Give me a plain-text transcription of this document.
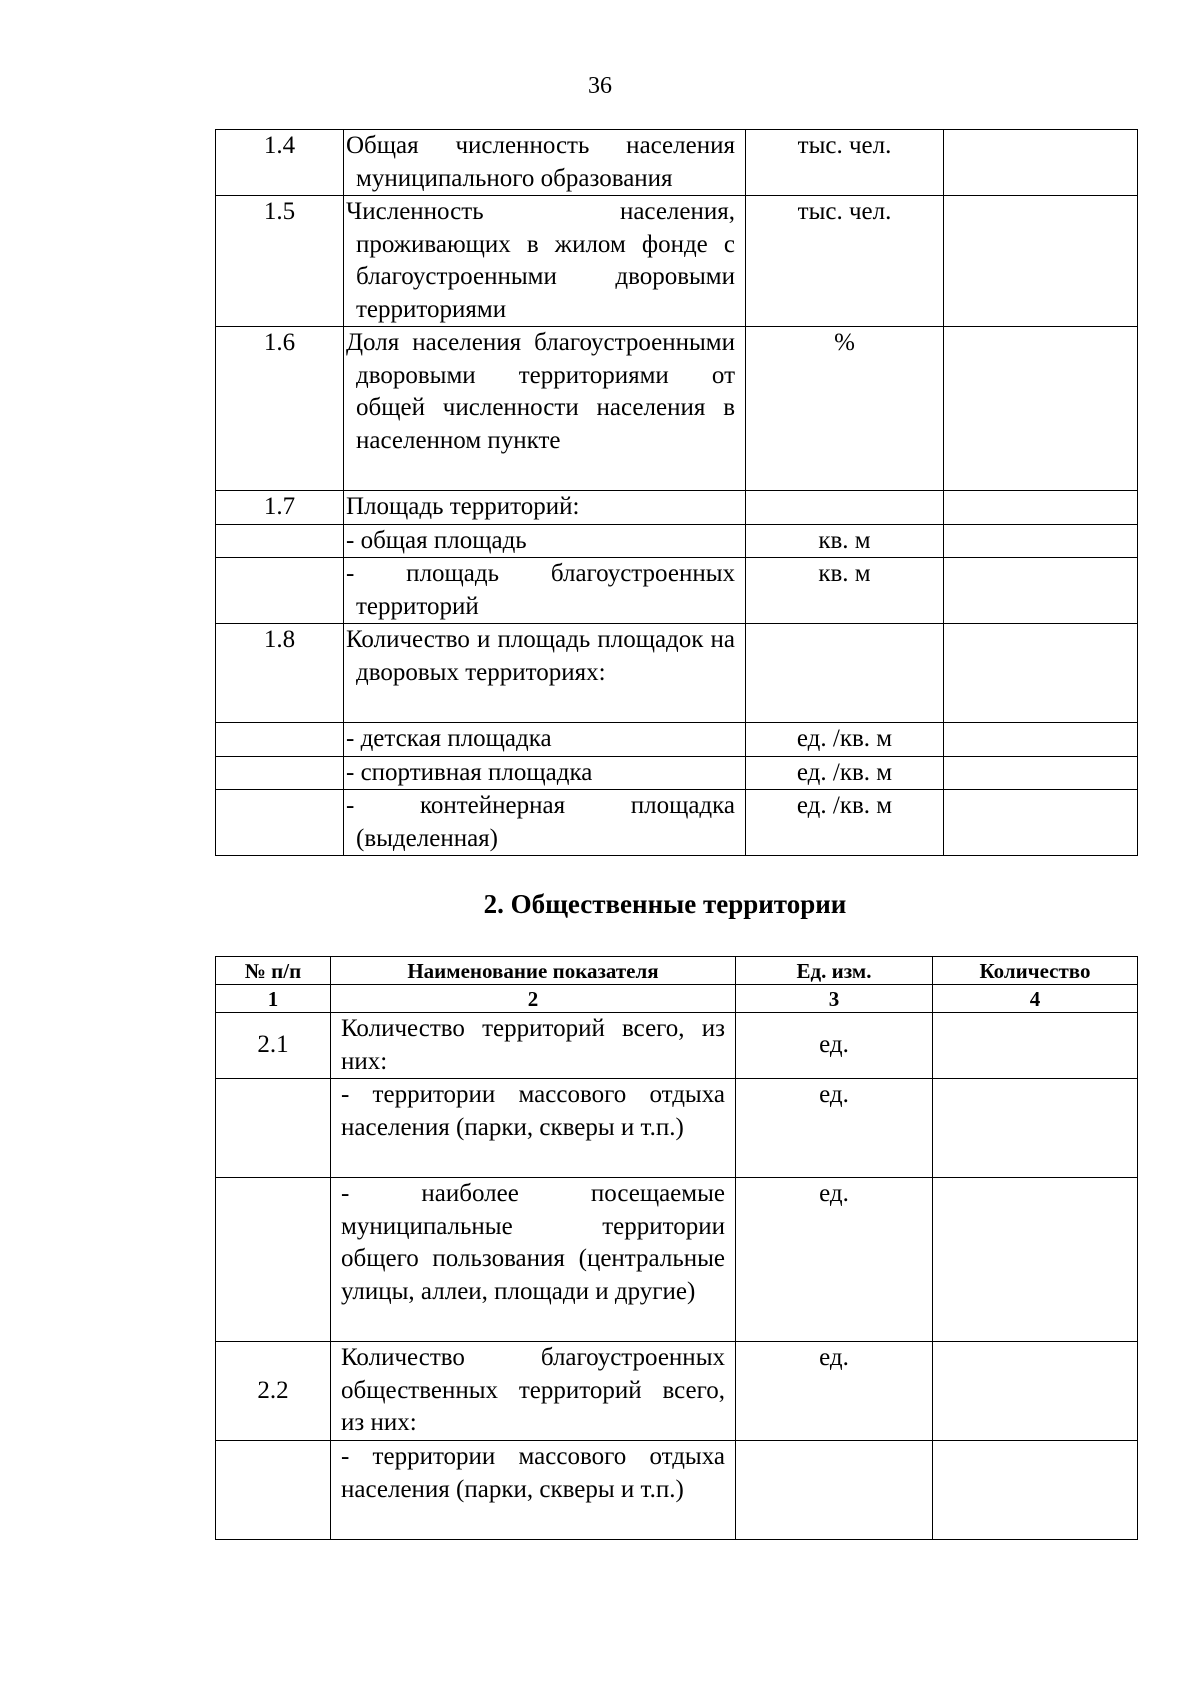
36
1.4	Общая численность населения муниципального образования	тыс. чел.	
1.5	Численность населения, проживающих в жилом фонде с благоустроенными дворовыми территориями	тыс. чел.	
1.6	Доля населения благоустроенными дворовыми территориями от общей численности населения в населенном пункте	%	
1.7	Площадь территорий:		
	- общая площадь	кв. м	
	- площадь благоустроенных территорий	кв. м	
1.8	Количество и площадь площадок на дворовых территориях:		
	- детская площадка	ед. /кв. м	
	- спортивная площадка	ед. /кв. м	
	- контейнерная площадка (выделенная)	ед. /кв. м	
2. Общественные территории
№ п/п	Наименование показателя	Ед. изм.	Количество
1	2	3	4
2.1	Количество территорий всего, из них:	ед.	
	- территории массового отдыха населения (парки, скверы и т.п.)	ед.	
	- наиболее посещаемые муниципальные территории общего пользования (центральные улицы, аллеи, площади и другие)	ед.	
2.2	Количество благоустроенных общественных территорий всего, из них:	ед.	
	- территории массового отдыха населения (парки, скверы и т.п.)		
